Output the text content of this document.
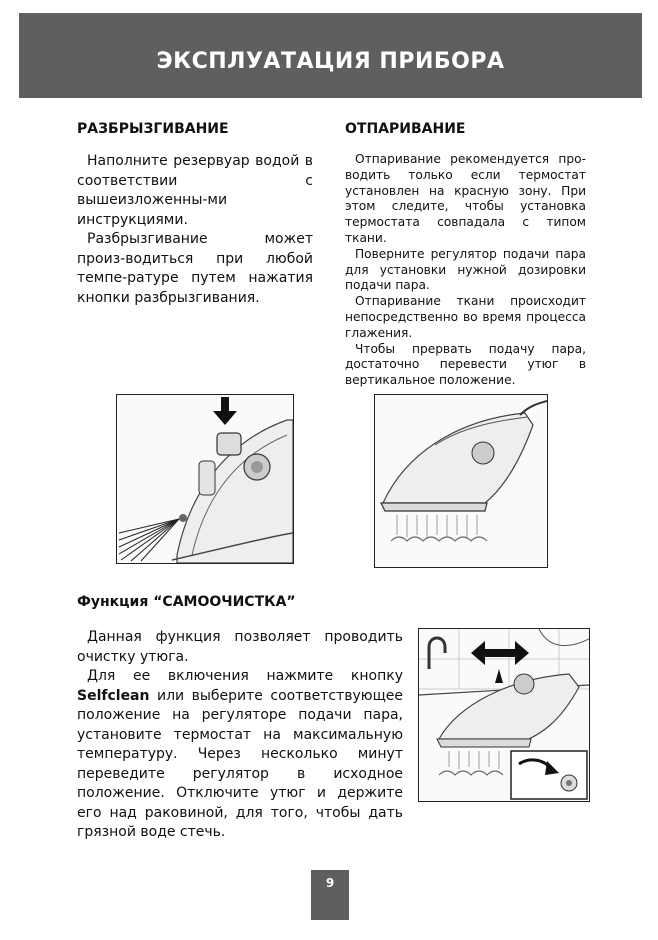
ЭКСПЛУАТАЦИЯ ПРИБОРА
РАЗБРЫЗГИВАНИЕ

Наполните резервуар водой в соответствии с вышеизложенны-ми инструкциями.

Разбрызгивание может произ-водиться при любой темпе-ратуре путем нажатия кнопки разбрызгивания.

ОТПАРИВАНИЕ

Отпаривание рекомендуется про-водить только если термостат установлен на красную зону. При этом следите, чтобы установка термостата совпадала с типом ткани.

Поверните регулятор подачи пара для установки нужной дозировки подачи пара.

Отпаривание ткани происходит непосредственно во время процесса глажения.

Чтобы прервать подачу пара, достаточно перевести утюг в вертикальное положение.

Функция “САМООЧИСТКА”

Данная функция позволяет проводить очистку утюга.

Для ее включения нажмите кнопку Selfclean или выберите соответствующее положение на регуляторе подачи пара, установите термостат на максимальную температуру. Через несколько минут переведите регулятор в исходное положение. Отключите утюг и держите его над раковиной, для того, чтобы дать грязной воде стечь.

9
